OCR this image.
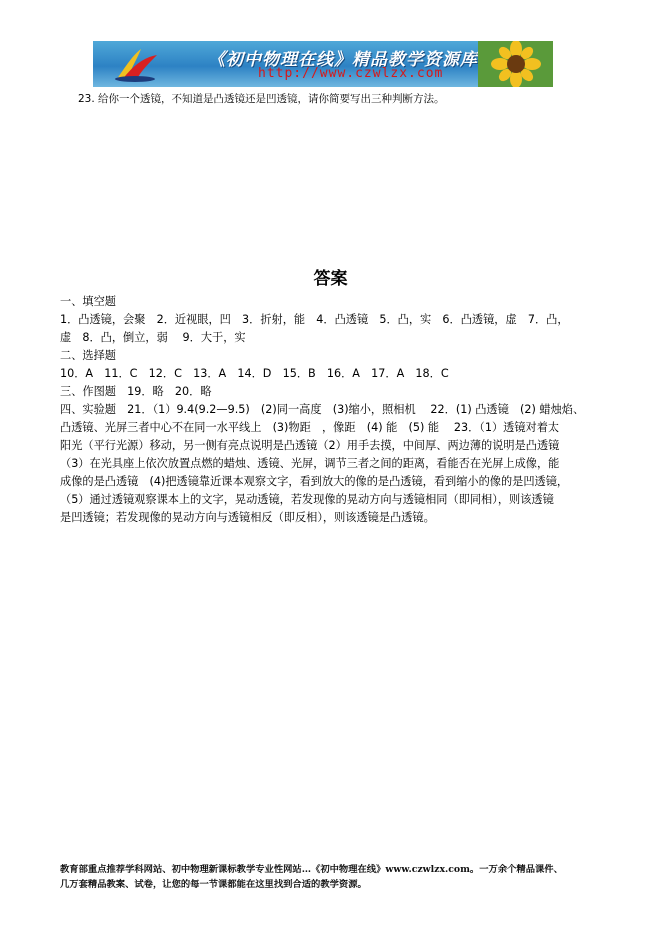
《初中物理在线》精品教学资源库
http://www.czwlzx.com
23. 给你一个透镜，不知道是凸透镜还是凹透镜，请你简要写出三种判断方法。
答案
一、填空题
1．凸透镜，会聚　2．近视眼，凹　3．折射，能　4．凸透镜　5．凸，实　6．凸透镜，虚　7．凸，
虚　8．凸，倒立，弱　 9．大于，实
二、选择题
10．A　11．C　12．C　13．A　14．D　15．B　16．A　17．A　18．C
三、作图题　19．略　20．略
四、实验题　21．（1）9.4(9.2—9.5)　(2)同一高度　(3)缩小，照相机　 22．(1) 凸透镜　(2) 蜡烛焰、
凸透镜、光屏三者中心不在同一水平线上　(3)物距　，像距　(4) 能　(5) 能　 23．（1）透镜对着太
阳光（平行光源）移动，另一侧有亮点说明是凸透镜（2）用手去摸，中间厚、两边薄的说明是凸透镜
（3）在光具座上依次放置点燃的蜡烛、透镜、光屏，调节三者之间的距离，看能否在光屏上成像，能
成像的是凸透镜　(4)把透镜靠近课本观察文字，看到放大的像的是凸透镜，看到缩小的像的是凹透镜，
（5）通过透镜观察课本上的文字，晃动透镜，若发现像的晃动方向与透镜相同（即同相），则该透镜
是凹透镜；若发现像的晃动方向与透镜相反（即反相），则该透镜是凸透镜。
教育部重点推荐学科网站、初中物理新课标教学专业性网站…《初中物理在线》www.czwlzx.com。一万余个精品课件、
几万套精品教案、试卷，让您的每一节课都能在这里找到合适的教学资源。
